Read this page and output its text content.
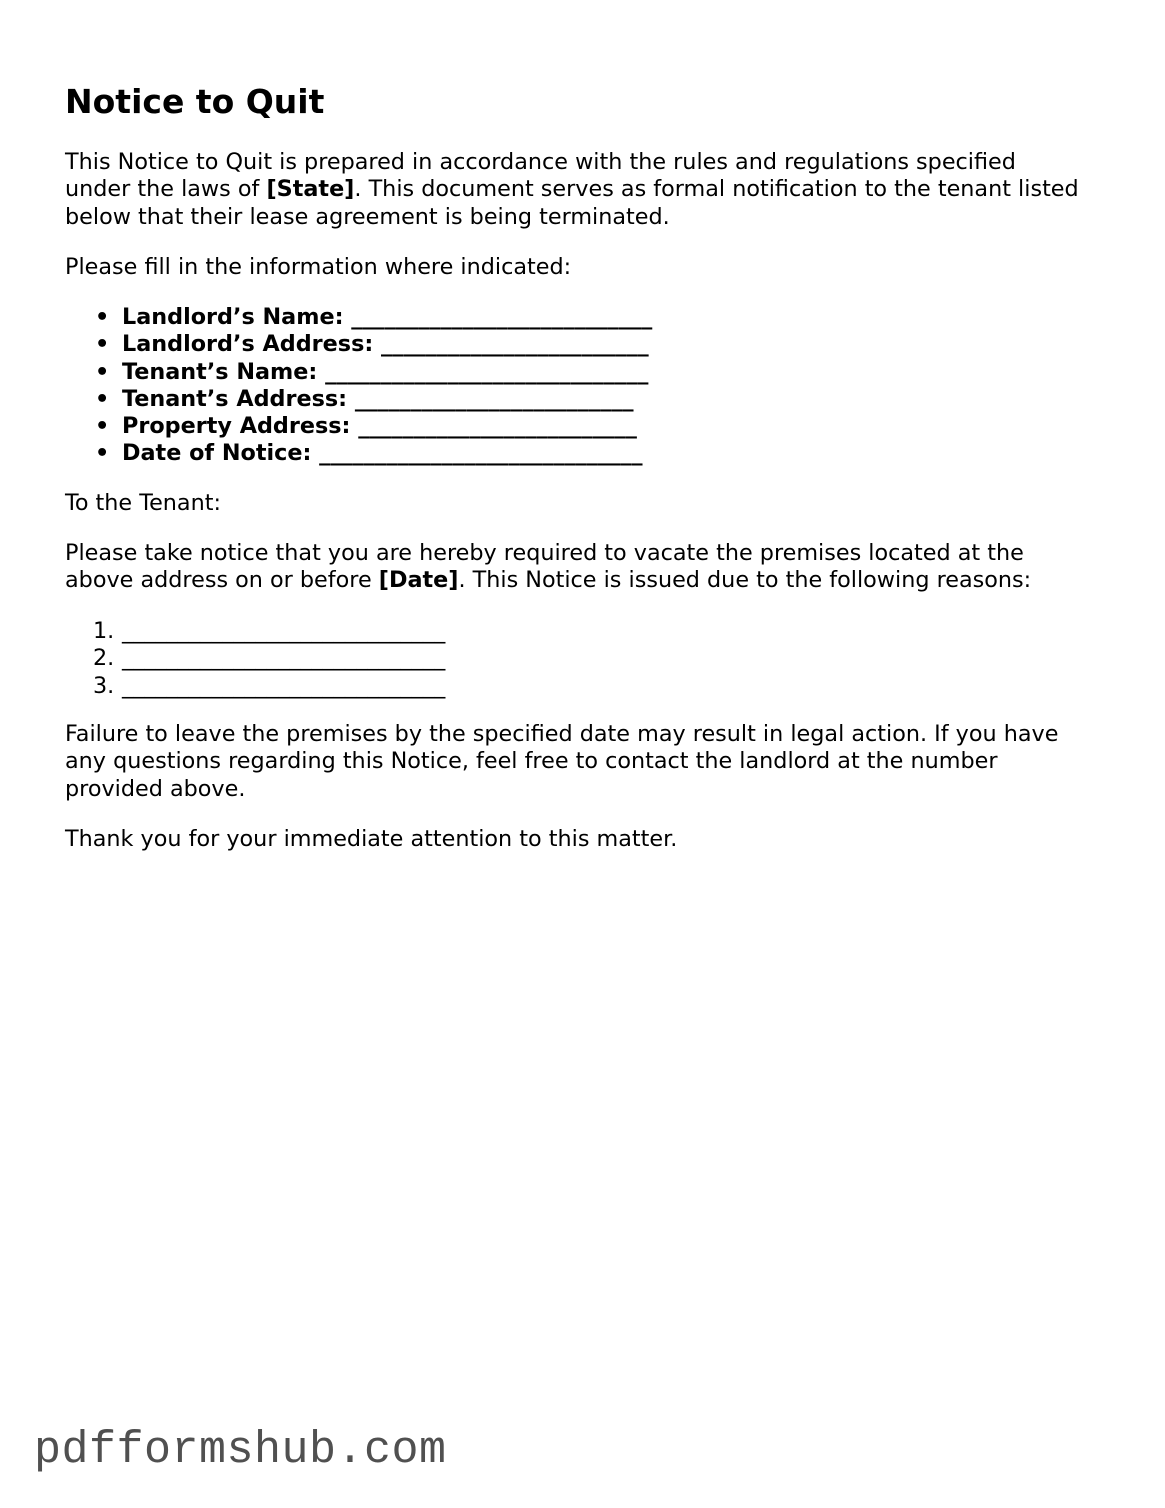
Notice to Quit

This Notice to Quit is prepared in accordance with the rules and regulations specified
under the laws of [State]. This document serves as formal notification to the tenant listed
below that their lease agreement is being terminated.

Please fill in the information where indicated:

• Landlord’s Name: ___________________________
• Landlord’s Address: ________________________
• Tenant’s Name: _____________________________
• Tenant’s Address: _________________________
• Property Address: _________________________
• Date of Notice: _____________________________

To the Tenant:

Please take notice that you are hereby required to vacate the premises located at the
above address on or before [Date]. This Notice is issued due to the following reasons:

1. _____________________________
2. _____________________________
3. _____________________________

Failure to leave the premises by the specified date may result in legal action. If you have
any questions regarding this Notice, feel free to contact the landlord at the number
provided above.

Thank you for your immediate attention to this matter.

pdfformshub.com
